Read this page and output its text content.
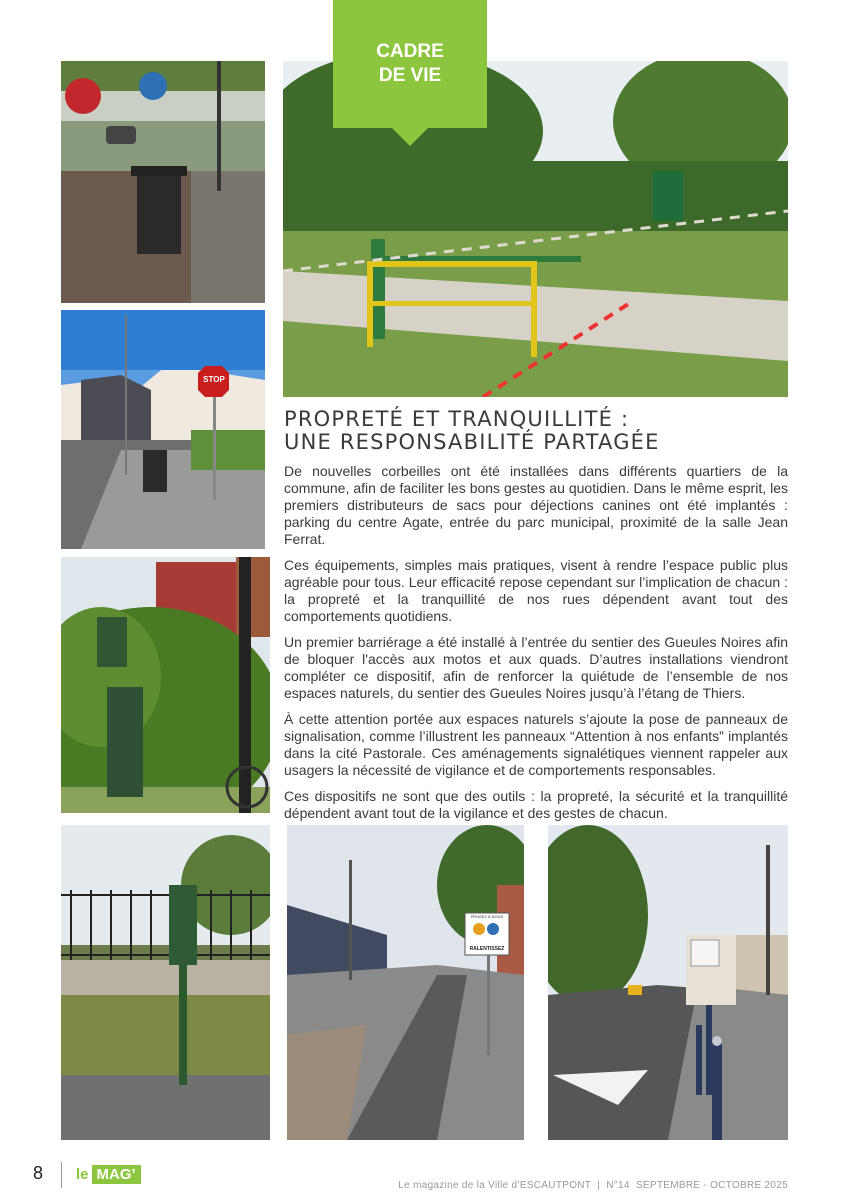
CADRE
DE VIE
STOP
PROPRETÉ ET TRANQUILLITÉ :
UNE RESPONSABILITÉ PARTAGÉE

De nouvelles corbeilles ont été installées dans différents quartiers de la commune, afin de faciliter les bons gestes au quotidien. Dans le même esprit, les premiers distributeurs de sacs pour déjections canines ont été implantés : parking du centre Agate, entrée du parc municipal, proximité de la salle Jean Ferrat.

Ces équipements, simples mais pratiques, visent à rendre l’espace public plus agréable pour tous. Leur efficacité repose cependant sur l’implication de chacun : la propreté et la tranquillité de nos rues dépendent avant tout des comportements quotidiens.

Un premier barriérage a été installé à l’entrée du sentier des Gueules Noires afin de bloquer l'accès aux motos et aux quads. D’autres installations viendront compléter ce dispositif, afin de renforcer la quiétude de l’ensemble de nos espaces naturels, du sentier des Gueules Noires jusqu’à l’étang de Thiers.

À cette attention portée aux espaces naturels s’ajoute la pose de panneaux de signalisation, comme l’illustrent les panneaux “Attention à nos enfants” implantés dans la cité Pastorale. Ces aménagements signalétiques viennent rappeler aux usagers la nécessité de vigilance et de comportements responsables.

Ces dispositifs ne sont que des outils : la propreté, la sécurité et la tranquillité dépendent avant tout de la vigilance et des gestes de chacun.

PENSEZ À NOUS
RALENTISSEZ
8 le MAG’
Le magazine de la Ville d’ESCAUTPONT  |  N°14  SEPTEMBRE - OCTOBRE 2025
